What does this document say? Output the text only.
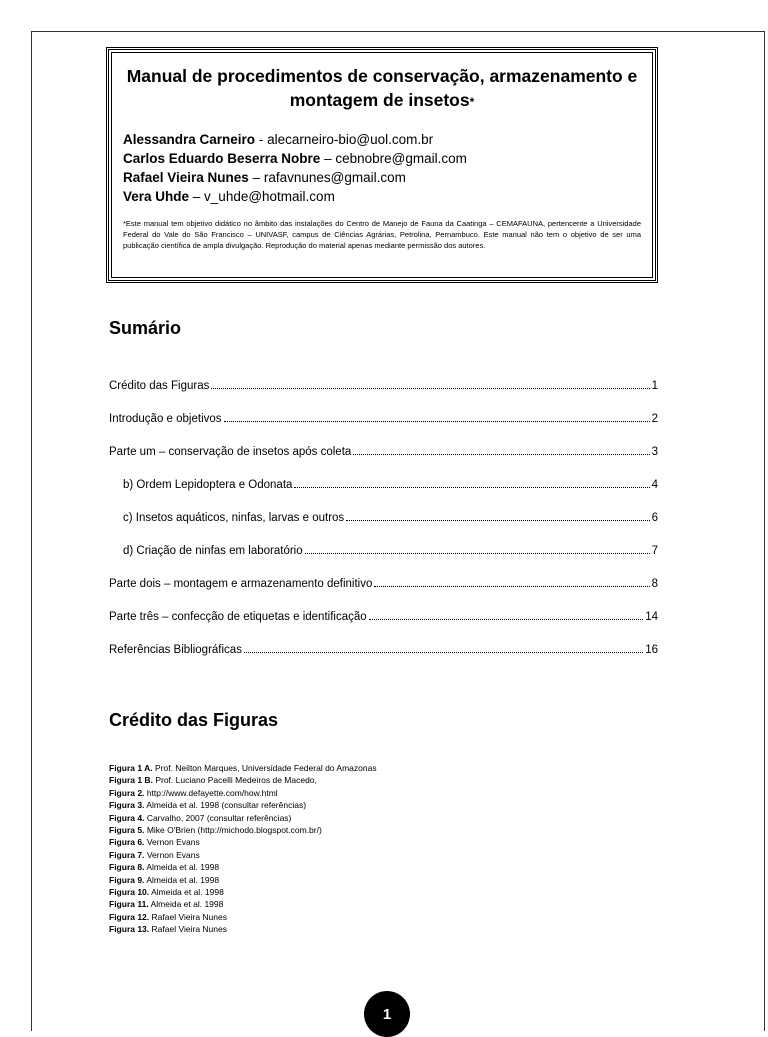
Manual de procedimentos de conservação, armazenamento e montagem de insetos*
Alessandra Carneiro - alecarneiro-bio@uol.com.br
Carlos Eduardo Beserra Nobre – cebnobre@gmail.com
Rafael Vieira Nunes – rafavnunes@gmail.com
Vera Uhde – v_uhde@hotmail.com
*Este manual tem objetivo didático no âmbito das instalações do Centro de Manejo de Fauna da Caatinga – CEMAFAUNA, pertencente a Universidade Federal do Vale do São Francisco – UNIVASF, campus de Ciências Agrárias, Petrolina, Pernambuco. Este manual não tem o objetivo de ser uma publicação científica de ampla divulgação. Reprodução do material apenas mediante permissão dos autores.
Sumário
Crédito das Figuras	1
Introdução e objetivos	2
Parte um – conservação de insetos após coleta	3
b) Ordem Lepidoptera e Odonata	4
c) Insetos aquáticos, ninfas, larvas e outros	6
d) Criação de ninfas em laboratório	7
Parte dois – montagem e armazenamento definitivo	8
Parte três – confecção de etiquetas e identificação	14
Referências Bibliográficas	16
Crédito das Figuras
Figura 1 A. Prof. Neilton Marques, Universidade Federal do Amazonas
Figura 1 B. Prof. Luciano Pacelli Medeiros de Macedo,
Figura 2. http://www.defayette.com/how.html
Figura 3. Almeida et al. 1998 (consultar referências)
Figura 4. Carvalho, 2007 (consultar referências)
Figura 5. Mike O'Brien (http://michodo.blogspot.com.br/)
Figura 6. Vernon Evans
Figura 7. Vernon Evans
Figura 8. Almeida et al. 1998
Figura 9. Almeida et al. 1998
Figura 10. Almeida et al. 1998
Figura 11. Almeida et al. 1998
Figura 12. Rafael Vieira Nunes
Figura 13. Rafael Vieira Nunes
1
